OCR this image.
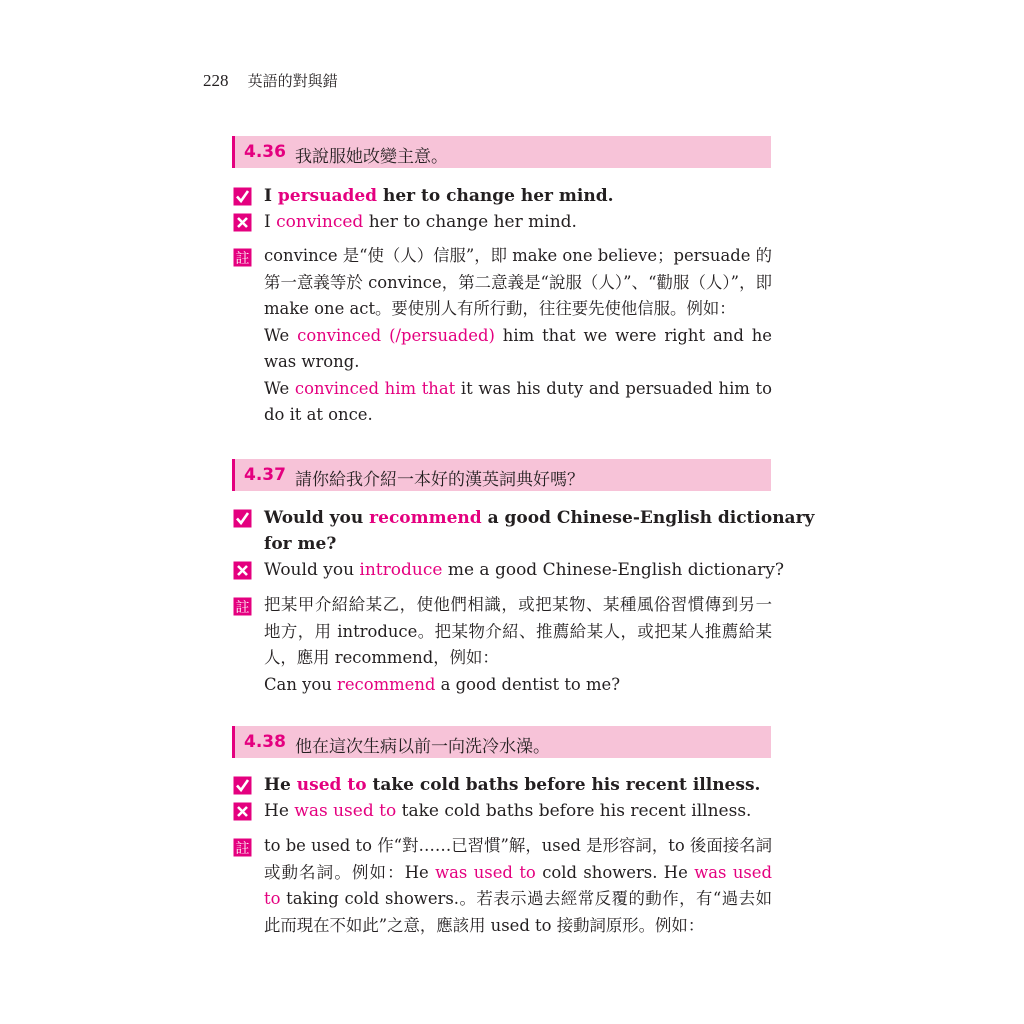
228 英語的對與錯
4.36 我說服她改變主意。
I persuaded her to change her mind.
I convinced her to change her mind.
註 convince 是“使（人）信服”，即 make one believe；persuade 的第一意義等於 convince，第二意義是“說服（人）”、“勸服（人）”，即 make one act。要使別人有所行動，往往要先使他信服。例如：
We convinced (/persuaded) him that we were right and he was wrong.
We convinced him that it was his duty and persuaded him to do it at once.
4.37 請你給我介紹一本好的漢英詞典好嗎？
Would you recommend a good Chinese-English dictionary
for me?
Would you introduce me a good Chinese-English dictionary?
註 把某甲介紹給某乙，使他們相識，或把某物、某種風俗習慣傳到另一地方，用 introduce。把某物介紹、推薦給某人，或把某人推薦給某人，應用 recommend，例如：
Can you recommend a good dentist to me?
4.38 他在這次生病以前一向洗冷水澡。
He used to take cold baths before his recent illness.
He was used to take cold baths before his recent illness.
註 to be used to 作“對……已習慣”解，used 是形容詞，to 後面接名詞或動名詞。例如：He was used to cold showers. He was used to taking cold showers.。若表示過去經常反覆的動作，有“過去如此而現在不如此”之意，應該用 used to 接動詞原形。例如：
